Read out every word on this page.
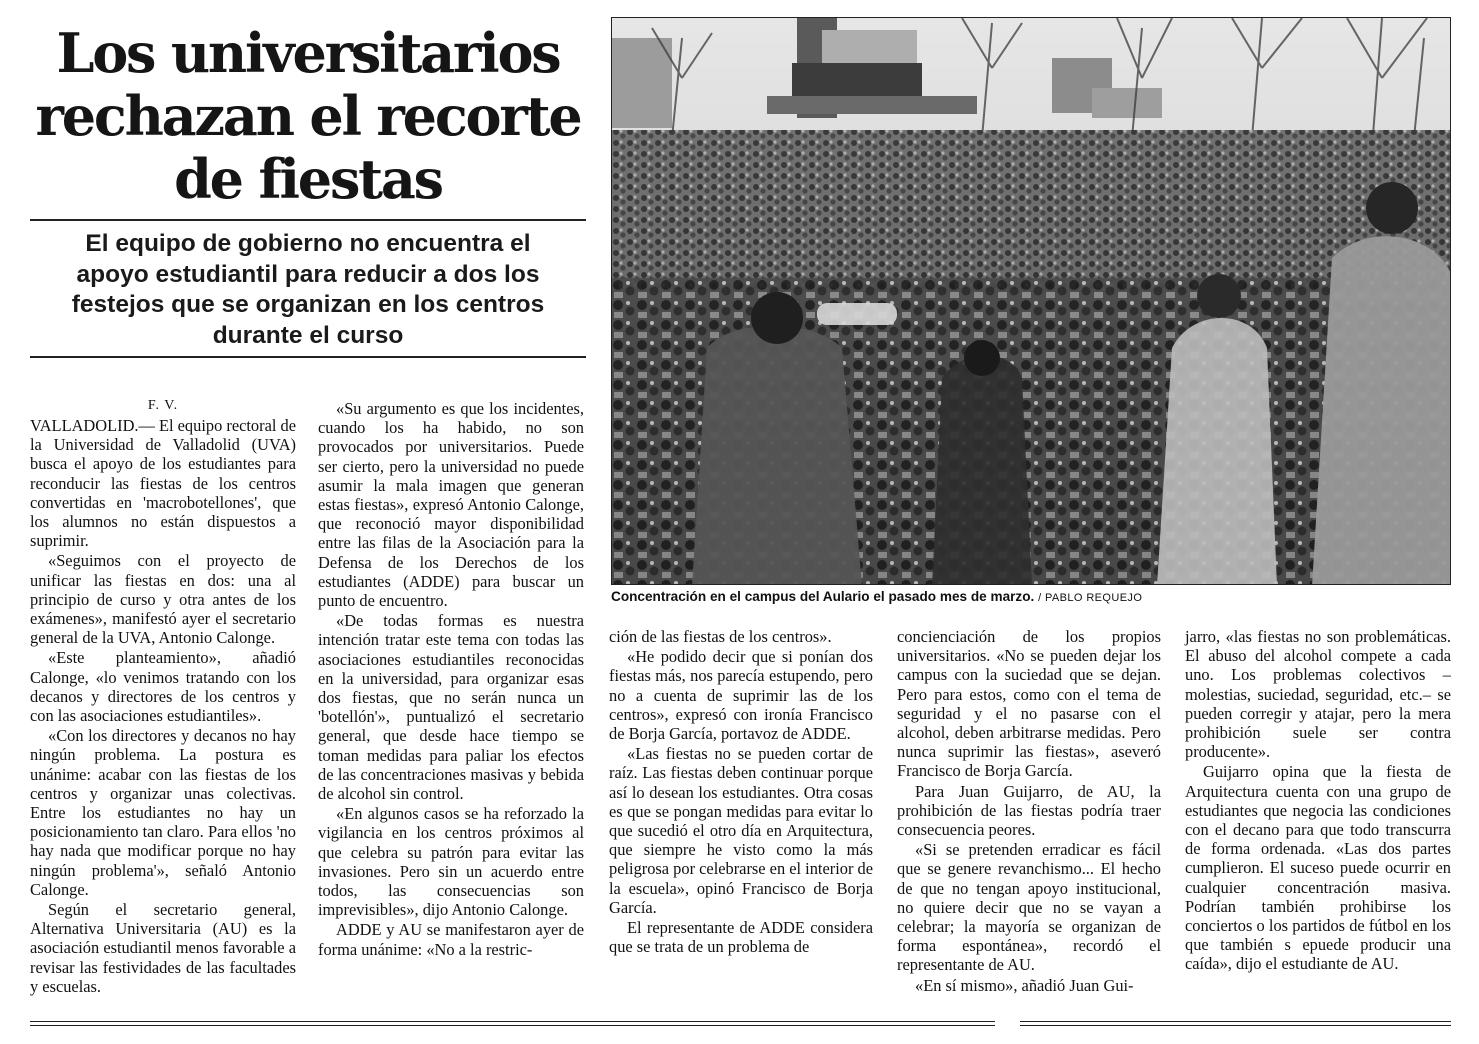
Los universitarios
rechazan el recorte
de fiestas
El equipo de gobierno no encuentra el
apoyo estudiantil para reducir a dos los
festejos que se organizan en los centros
durante el curso
F. V.

VALLADOLID.— El equipo rectoral de la Universidad de Valladolid (UVA) busca el apoyo de los estudiantes para reconducir las fiestas de los centros convertidas en 'macrobotellones', que los alumnos no están dispuestos a suprimir.

«Seguimos con el proyecto de unificar las fiestas en dos: una al principio de curso y otra antes de los exámenes», manifestó ayer el secretario general de la UVA, Antonio Calonge.

«Este planteamiento», añadió Calonge, «lo venimos tratando con los decanos y directores de los centros y con las asociaciones estudiantiles».

«Con los directores y decanos no hay ningún problema. La postura es unánime: acabar con las fiestas de los centros y organizar unas colectivas. Entre los estudiantes no hay un posicionamiento tan claro. Para ellos 'no hay nada que modificar porque no hay ningún problema'», señaló Antonio Calonge.

Según el secretario general, Alternativa Universitaria (AU) es la asociación estudiantil menos favorable a revisar las festividades de las facultades y escuelas.

«Su argumento es que los incidentes, cuando los ha habido, no son provocados por universitarios. Puede ser cierto, pero la universidad no puede asumir la mala imagen que generan estas fiestas», expresó Antonio Calonge, que reconoció mayor disponibilidad entre las filas de la Asociación para la Defensa de los Derechos de los estudiantes (ADDE) para buscar un punto de encuentro.

«De todas formas es nuestra intención tratar este tema con todas las asociaciones estudiantiles reconocidas en la universidad, para organizar esas dos fiestas, que no serán nunca un 'botellón'», puntualizó el secretario general, que desde hace tiempo se toman medidas para paliar los efectos de las concentraciones masivas y bebida de alcohol sin control.

«En algunos casos se ha reforzado la vigilancia en los centros próximos al que celebra su patrón para evitar las invasiones. Pero sin un acuerdo entre todos, las consecuencias son imprevisibles», dijo Antonio Calonge.

ADDE y AU se manifestaron ayer de forma unánime: «No a la restric-

Concentración en el campus del Aulario el pasado mes de marzo. / PABLO REQUEJO

ción de las fiestas de los centros».

«He podido decir que si ponían dos fiestas más, nos parecía estupendo, pero no a cuenta de suprimir las de los centros», expresó con ironía Francisco de Borja García, portavoz de ADDE.

«Las fiestas no se pueden cortar de raíz. Las fiestas deben continuar porque así lo desean los estudiantes. Otra cosas es que se pongan medidas para evitar lo que sucedió el otro día en Arquitectura, que siempre he visto como la más peligrosa por celebrarse en el interior de la escuela», opinó Francisco de Borja García.

El representante de ADDE considera que se trata de un problema de

concienciación de los propios universitarios. «No se pueden dejar los campus con la suciedad que se dejan. Pero para estos, como con el tema de seguridad y el no pasarse con el alcohol, deben arbitrarse medidas. Pero nunca suprimir las fiestas», aseveró Francisco de Borja García.

Para Juan Guijarro, de AU, la prohibición de las fiestas podría traer consecuencia peores.

«Si se pretenden erradicar es fácil que se genere revanchismo... El hecho de que no tengan apoyo institucional, no quiere decir que no se vayan a celebrar; la mayoría se organizan de forma espontánea», recordó el representante de AU.

«En sí mismo», añadió Juan Gui-

jarro, «las fiestas no son problemáticas. El abuso del alcohol compete a cada uno. Los problemas colectivos –molestias, suciedad, seguridad, etc.– se pueden corregir y atajar, pero la mera prohibición suele ser contra producente».

Guijarro opina que la fiesta de Arquitectura cuenta con una grupo de estudiantes que negocia las condiciones con el decano para que todo transcurra de forma ordenada. «Las dos partes cumplieron. El suceso puede ocurrir en cualquier concentración masiva. Podrían también prohibirse los conciertos o los partidos de fútbol en los que también s epuede producir una caída», dijo el estudiante de AU.
